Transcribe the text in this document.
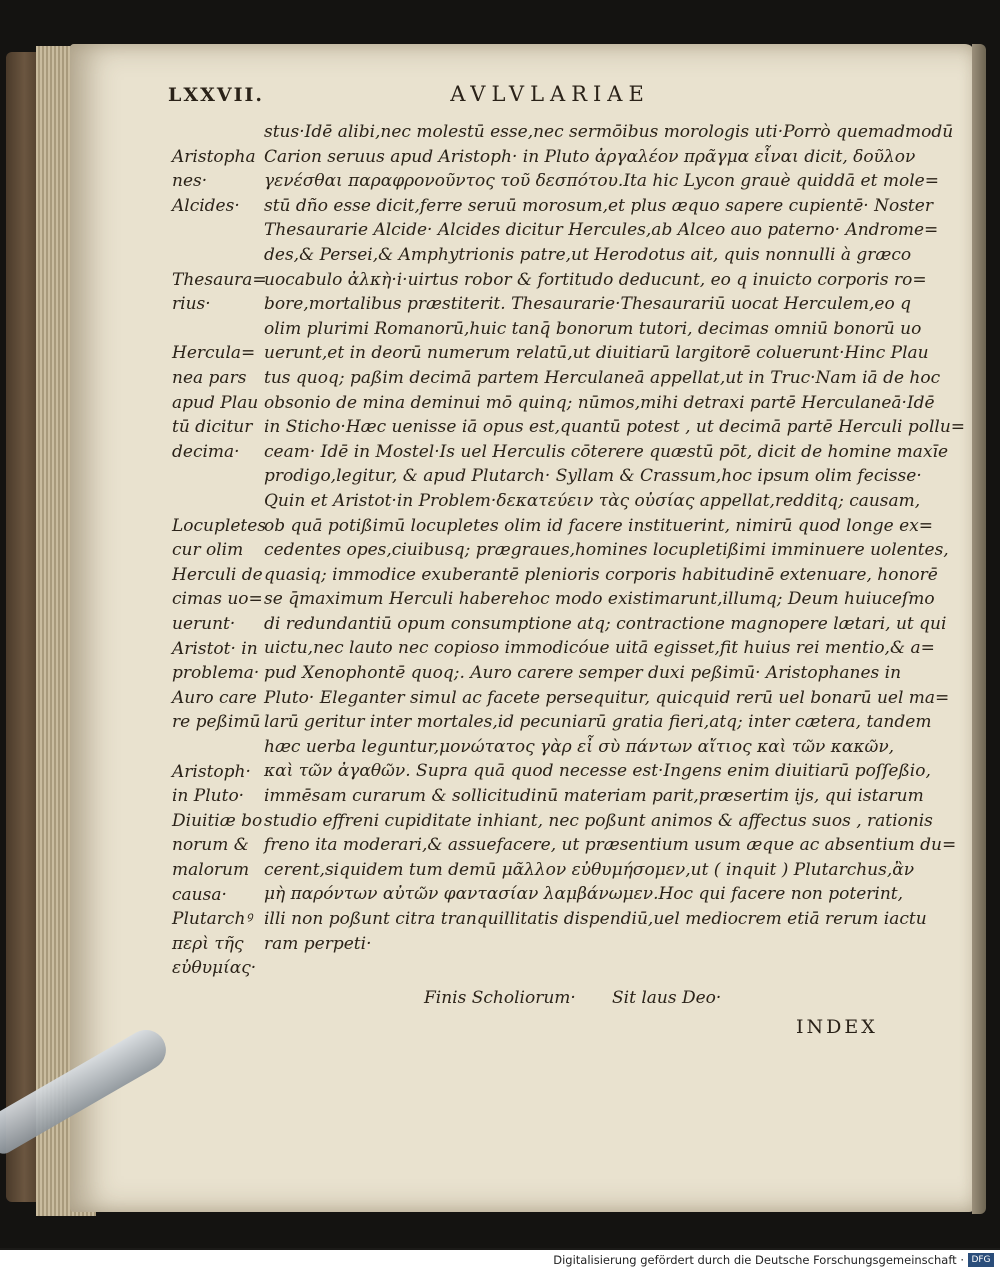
LXXVII.	AVLVLARIAE
stus·Idē alibi,nec molestū esse,nec sermōibus morologis uti·Porrò quemadmodū
Carion seruus apud Aristoph· in Pluto ἀργαλέον πρᾶγμα εἶναι dicit, δοῦλον
γενέσθαι παραφρονοῦντος τοῦ δεσπότου.Ita hic Lycon grauè quiddā et mole=
stū dño esse dicit,ferre seruū morosum,et plus æquo sapere cupientē· Noster
Thesaurarie Alcide· Alcides dicitur Hercules,ab Alceo auo paterno· Androme=
des,& Persei,& Amphytrionis patre,ut Herodotus ait, quis nonnulli à græco
uocabulo ἀλκὴ·i·uirtus robor & fortitudo deducunt, eo q inuicto corporis ro=
bore,mortalibus præstiterit. Thesaurarie·Thesaurariū uocat Herculem,eo q
olim plurimi Romanorū,huic tanq̄ bonorum tutori, decimas omniū bonorū uo
uerunt,et in deorū numerum relatū,ut diuitiarū largitorē coluerunt·Hinc Plau
tus quoq; paßim decimā partem Herculaneā appellat,ut in Truc·Nam iā de hoc
obsonio de mina deminui mō quinq; nūmos,mihi detraxi partē Herculaneā·Idē
in Sticho·Hæc uenisse iā opus est,quantū potest , ut decimā partē Herculi pollu=
ceam· Idē in Mostel·Is uel Herculis cōterere quæstū pōt, dicit de homine maxīe
prodigo,legitur, & apud Plutarch· Syllam & Crassum,hoc ipsum olim fecisse·
Quin et Aristot·in Problem·δεκατεύειν τὰς οὐσίας appellat,redditq; causam,
ob quā potißimū locupletes olim id facere instituerint, nimirū quod longe ex=
cedentes opes,ciuibusq; prægraues,homines locupletißimi imminuere uolentes,
quasiq; immodice exuberantē plenioris corporis habitudinē extenuare, honorē
se q̄maximum Herculi haberehoc modo existimarunt,illumq; Deum huiuceſmo
di redundantiū opum consumptione atq; contractione magnopere lætari, ut qui
uictu,nec lauto nec copioso immodicóue uitā egisset,fit huius rei mentio,& a=
pud Xenophontē quoq;. Auro carere semper duxi peßimū· Aristophanes in
Pluto· Eleganter simul ac facete persequitur, quicquid rerū uel bonarū uel ma=
larū geritur inter mortales,id pecuniarū gratia fieri,atq; inter cætera, tandem
hæc uerba leguntur,μονώτατος γὰρ εἶ σὺ πάντων αἴτιος καὶ τῶν κακῶν,
καὶ τῶν ἀγαθῶν. Supra quā quod necesse est·Ingens enim diuitiarū poſſeßio,
immēsam curarum & sollicitudinū materiam parit,præsertim ijs, qui istarum
studio effreni cupiditate inhiant, nec poßunt animos & affectus suos , rationis
freno ita moderari,& assuefacere, ut præsentium usum æque ac absentium du=
cerent,siquidem tum demū μᾶλλον εὐθυμήσομεν,ut ( inquit ) Plutarchus,ἂν
μὴ παρόντων αὐτῶν φαντασίαν λαμβάνωμεν.Hoc qui facere non poterint,
illi non poßunt citra tranquillitatis dispendiū,uel mediocrem etiā rerum iactu
ram perpeti·
Aristopha
nes·
Alcides·
Thesaura=
rius·
Hercula=
nea pars
apud Plau
tū dicitur
decima·
Locupletes
cur olim
Herculi de
cimas uo=
uerunt·
Aristot· in
problema·
Auro care
re peßimū
Aristoph·
in Pluto·
Diuitiæ bo
norum &
malorum
causa·
Plutarchꝰ
περὶ τῆς
εὐθυμίας·
Finis Scholiorum· Sit laus Deo·
INDEX
Digitalisierung gefördert durch die Deutsche Forschungsgemeinschaft · DFG
